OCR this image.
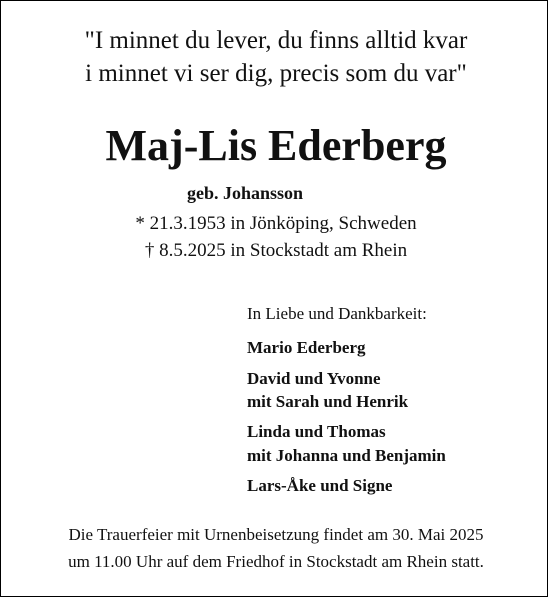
"I minnet du lever, du finns alltid kvar
i minnet vi ser dig, precis som du var"
Maj-Lis Ederberg
geb. Johansson
* 21.3.1953 in Jönköping, Schweden
† 8.5.2025 in Stockstadt am Rhein
In Liebe und Dankbarkeit:
Mario Ederberg
David und Yvonne
mit Sarah und Henrik
Linda und Thomas
mit Johanna und Benjamin
Lars-Åke und Signe
Die Trauerfeier mit Urnenbeisetzung findet am 30. Mai 2025
um 11.00 Uhr auf dem Friedhof in Stockstadt am Rhein statt.
